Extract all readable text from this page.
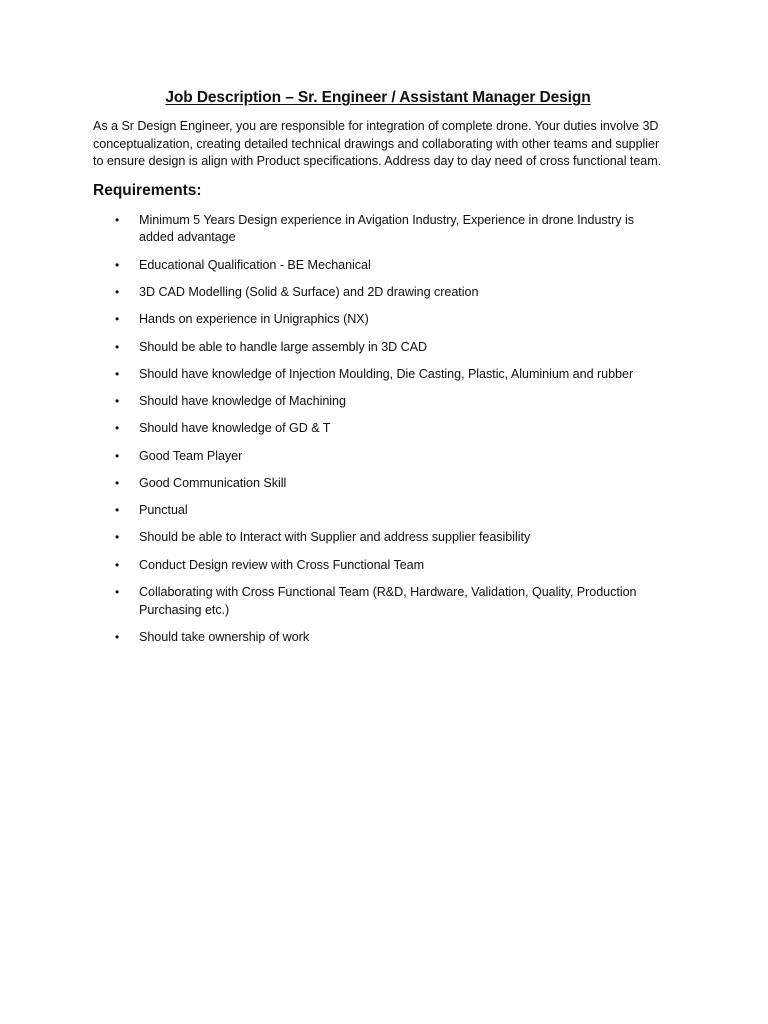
Job Description – Sr. Engineer / Assistant Manager Design

As a Sr Design Engineer, you are responsible for integration of complete drone. Your duties involve 3D conceptualization, creating detailed technical drawings and collaborating with other teams and supplier to ensure design is align with Product specifications. Address day to day need of cross functional team.

Requirements:
• Minimum 5 Years Design experience in Avigation Industry, Experience in drone Industry is added advantage
• Educational Qualification - BE Mechanical
• 3D CAD Modelling (Solid & Surface) and 2D drawing creation
• Hands on experience in Unigraphics (NX)
• Should be able to handle large assembly in 3D CAD
• Should have knowledge of Injection Moulding, Die Casting, Plastic, Aluminium and rubber
• Should have knowledge of Machining
• Should have knowledge of GD & T
• Good Team Player
• Good Communication Skill
• Punctual
• Should be able to Interact with Supplier and address supplier feasibility
• Conduct Design review with Cross Functional Team
• Collaborating with Cross Functional Team (R&D, Hardware, Validation, Quality, Production Purchasing etc.)
• Should take ownership of work
